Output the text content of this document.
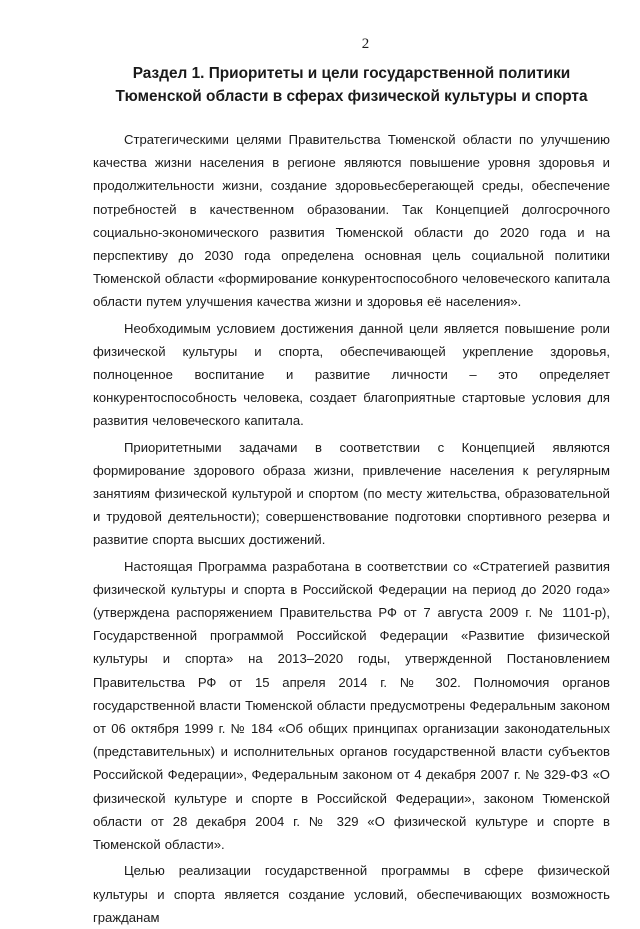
2
Раздел 1. Приоритеты и цели государственной политики
Тюменской области в сферах физической культуры и спорта

Стратегическими целями Правительства Тюменской области по улучшению качества жизни населения в регионе являются повышение уровня здоровья и продолжительности жизни, создание здоровьесберегающей среды, обеспечение потребностей в качественном образовании. Так Концепцией долгосрочного социально-экономического развития Тюменской области до 2020 года и на перспективу до 2030 года определена основная цель социальной политики Тюменской области «формирование конкурентоспособного человеческого капитала области путем улучшения качества жизни и здоровья её населения».

Необходимым условием достижения данной цели является повышение роли физической культуры и спорта, обеспечивающей укрепление здоровья, полноценное воспитание и развитие личности – это определяет конкурентоспособность человека, создает благоприятные стартовые условия для развития человеческого капитала.

Приоритетными задачами в соответствии с Концепцией являются формирование здорового образа жизни, привлечение населения к регулярным занятиям физической культурой и спортом (по месту жительства, образовательной и трудовой деятельности); совершенствование подготовки спортивного резерва и развитие спорта высших достижений.

Настоящая Программа разработана в соответствии со «Стратегией развития физической культуры и спорта в Российской Федерации на период до 2020 года» (утверждена распоряжением Правительства РФ от 7 августа 2009 г. № 1101-р), Государственной программой Российской Федерации «Развитие физической культуры и спорта» на 2013–2020 годы, утвержденной Постановлением Правительства РФ от 15 апреля 2014 г. № 302. Полномочия органов государственной власти Тюменской области предусмотрены Федеральным законом от 06 октября 1999 г. № 184 «Об общих принципах организации законодательных (представительных) и исполнительных органов государственной власти субъектов Российской Федерации», Федеральным законом от 4 декабря 2007 г. № 329-ФЗ «О физической культуре и спорте в Российской Федерации», законом Тюменской области от 28 декабря 2004 г. № 329 «О физической культуре и спорте в Тюменской области».

Целью реализации государственной программы в сфере физической культуры и спорта является создание условий, обеспечивающих возможность гражданам
